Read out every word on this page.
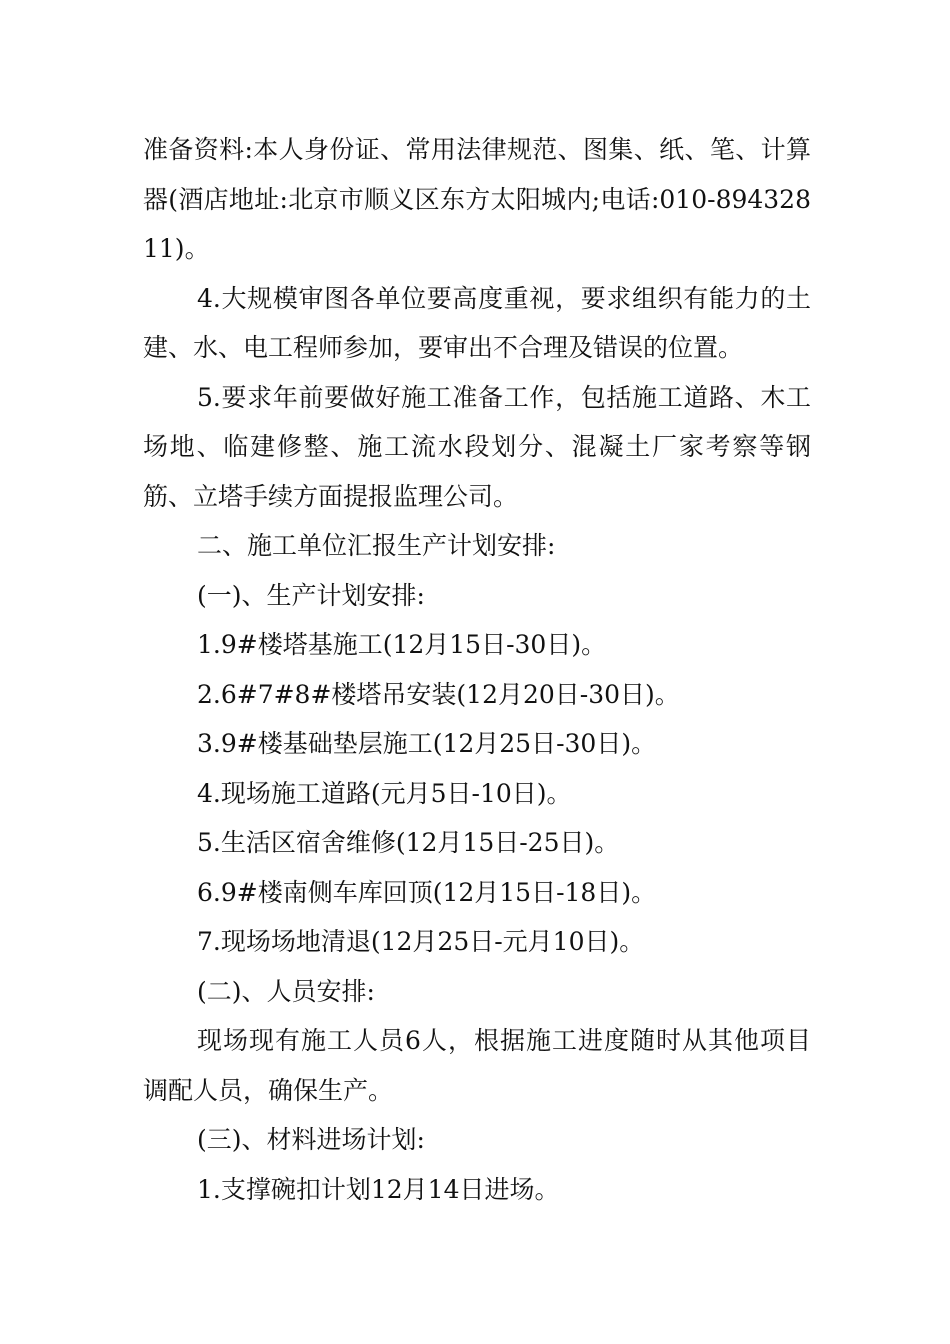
准备资料:本人身份证、常用法律规范、图集、纸、笔、计算器(酒店地址:北京市顺义区东方太阳城内;电话:010-89432811)。

4.大规模审图各单位要高度重视，要求组织有能力的土建、水、电工程师参加，要审出不合理及错误的位置。

5.要求年前要做好施工准备工作，包括施工道路、木工场地、临建修整、施工流水段划分、混凝土厂家考察等钢筋、立塔手续方面提报监理公司。

二、施工单位汇报生产计划安排:

(一)、生产计划安排:

1.9#楼塔基施工(12月15日-30日)。

2.6#7#8#楼塔吊安装(12月20日-30日)。

3.9#楼基础垫层施工(12月25日-30日)。

4.现场施工道路(元月5日-10日)。

5.生活区宿舍维修(12月15日-25日)。

6.9#楼南侧车库回顶(12月15日-18日)。

7.现场场地清退(12月25日-元月10日)。

(二)、人员安排:

现场现有施工人员6人，根据施工进度随时从其他项目调配人员，确保生产。

(三)、材料进场计划:

1.支撑碗扣计划12月14日进场。
